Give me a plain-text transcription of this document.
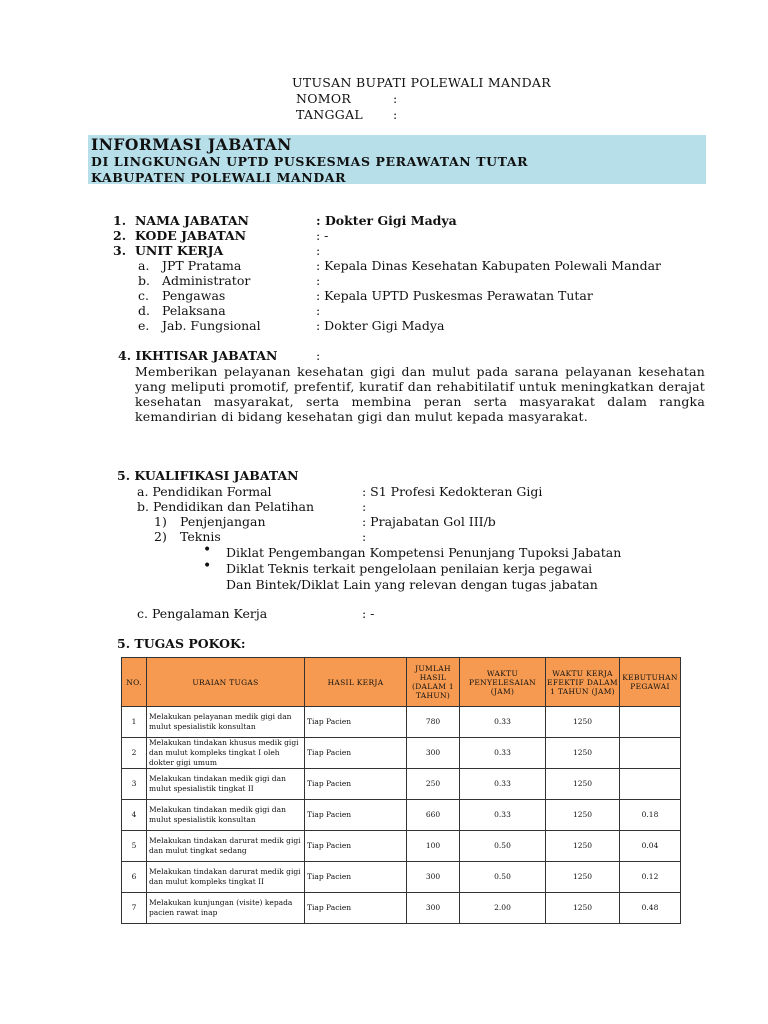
UTUSAN BUPATI POLEWALI MANDAR
NOMOR	:
TANGGAL :
INFORMASI JABATAN
DI LINGKUNGAN UPTD PUSKESMAS PERAWATAN TUTAR
KABUPATEN POLEWALI MANDAR
1. NAMA JABATAN	: Dokter Gigi Madya
2. KODE JABATAN	: -
3. UNIT KERJA	:
a. JPT Pratama	: Kepala Dinas Kesehatan Kabupaten Polewali Mandar
b. Administrator	:
c. Pengawas	: Kepala UPTD Puskesmas Perawatan Tutar
d. Pelaksana	:
e. Jab. Fungsional	: Dokter Gigi Madya
4. IKHTISAR JABATAN	:
Memberikan pelayanan kesehatan gigi dan mulut pada sarana pelayanan kesehatan yang meliputi promotif, prefentif, kuratif dan rehabitilatif untuk meningkatkan derajat kesehatan masyarakat, serta membina peran serta masyarakat dalam rangka kemandirian di bidang kesehatan gigi dan mulut kepada masyarakat.
5. KUALIFIKASI JABATAN
a. Pendidikan Formal	: S1 Profesi Kedokteran Gigi
b. Pendidikan dan Pelatihan	:
1) Penjenjangan	: Prajabatan Gol III/b
2) Teknis	:
• Diklat Pengembangan Kompetensi Penunjang Tupoksi Jabatan
• Diklat Teknis terkait pengelolaan penilaian kerja pegawai
Dan Bintek/Diklat Lain yang relevan dengan tugas jabatan
c. Pengalaman Kerja	: -
5. TUGAS POKOK:
NO.	URAIAN TUGAS	HASIL KERJA	JUMLAH HASIL (DALAM 1 TAHUN)	WAKTU PENYELESAIAN (JAM)	WAKTU KERJA EFEKTIF DALAM 1 TAHUN (JAM)	KEBUTUHAN PEGAWAI
1	Melakukan pelayanan medik gigi dan mulut spesialistik konsultan	Tiap Pacien	780	0.33	1250	
2	Melakukan tindakan khusus medik gigi dan mulut kompleks tingkat I oleh dokter gigi umum	Tiap Pacien	300	0.33	1250	
3	Melakukan tindakan medik gigi dan mulut spesialistik tingkat II	Tiap Pacien	250	0.33	1250	
4	Melakukan tindakan medik gigi dan mulut spesialistik konsultan	Tiap Pacien	660	0.33	1250	0.18
5	Melakukan tindakan darurat medik gigi dan mulut tingkat sedang	Tiap Pacien	100	0.50	1250	0.04
6	Melakukan tindakan darurat medik gigi dan mulut kompleks tingkat II	Tiap Pacien	300	0.50	1250	0.12
7	Melakukan kunjungan (visite) kepada pacien rawat inap	Tiap Pacien	300	2.00	1250	0.48
